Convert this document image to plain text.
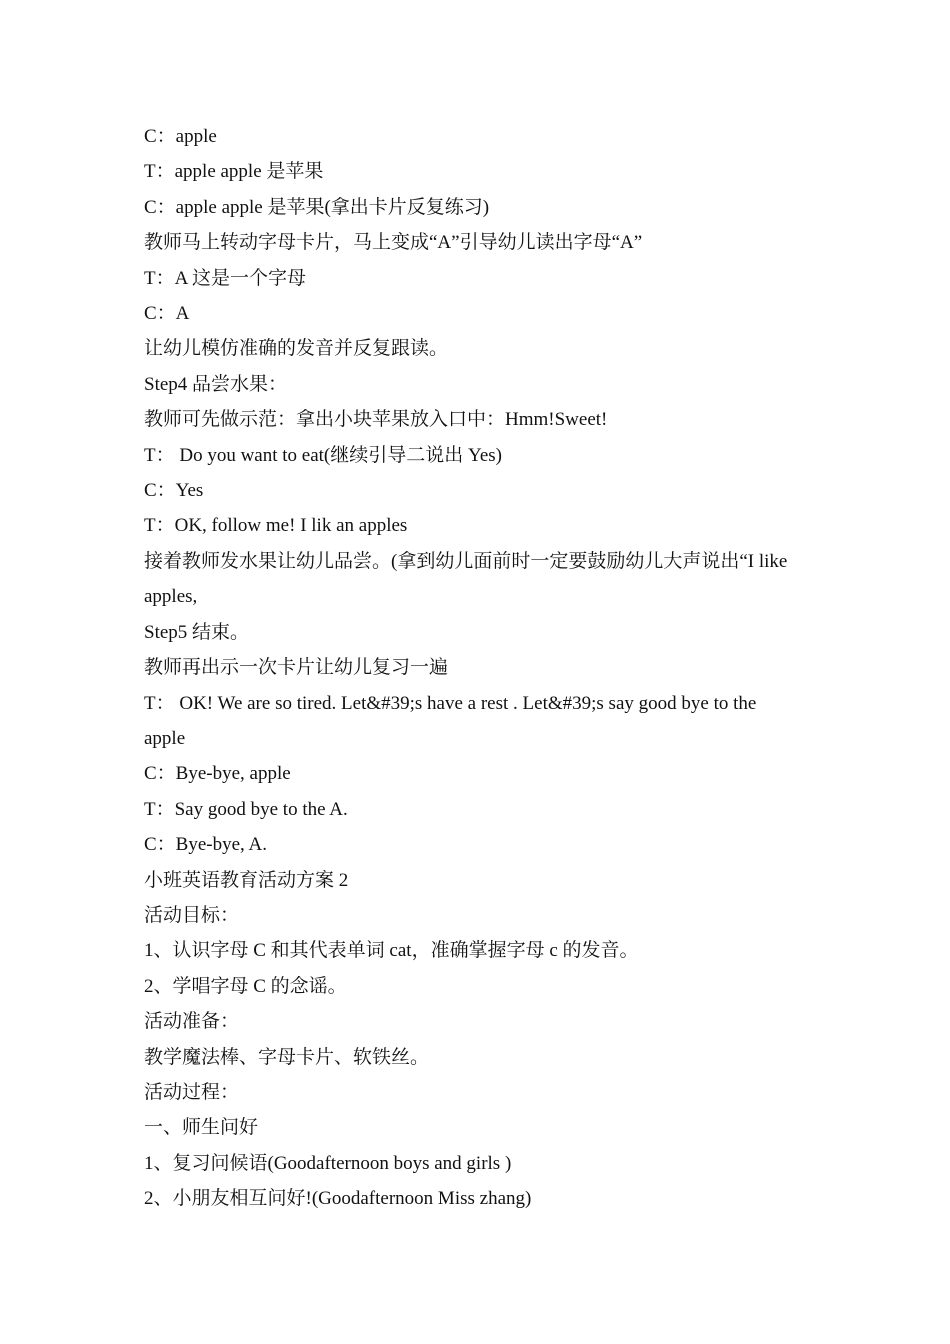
C：apple
T：apple apple 是苹果
C：apple apple 是苹果(拿出卡片反复练习)
教师马上转动字母卡片，马上变成“A”引导幼儿读出字母“A”
T：A 这是一个字母
C：A
让幼儿模仿准确的发音并反复跟读。
Step4 品尝水果：
教师可先做示范：拿出小块苹果放入口中：Hmm!Sweet!
T： Do you want to eat(继续引导二说出 Yes)
C：Yes
T：OK, follow me! I lik an apples
接着教师发水果让幼儿品尝。(拿到幼儿面前时一定要鼓励幼儿大声说出“I like
apples,
Step5 结束。
教师再出示一次卡片让幼儿复习一遍
T： OK! We are so tired. Let&#39;s have a rest . Let&#39;s say good bye to the
apple
C：Bye-bye, apple
T：Say good bye to the A.
C：Bye-bye, A.
小班英语教育活动方案 2
活动目标：
1、认识字母 C 和其代表单词 cat，准确掌握字母 c 的发音。
2、学唱字母 C 的念谣。
活动准备：
教学魔法棒、字母卡片、软铁丝。
活动过程：
一、师生问好
1、复习问候语(Goodafternoon boys and girls )
2、小朋友相互问好!(Goodafternoon Miss zhang)
